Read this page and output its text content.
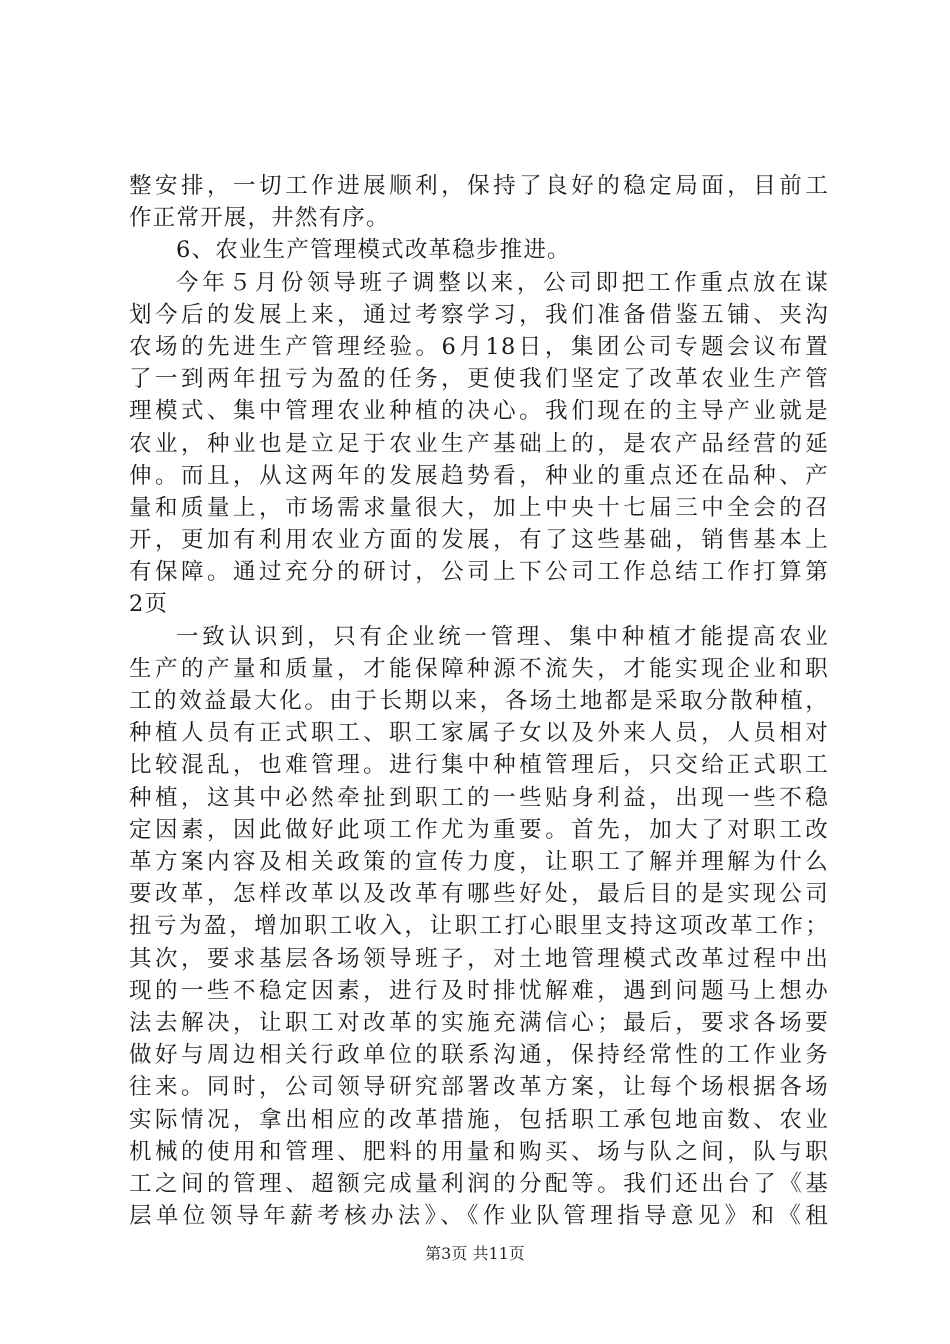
整安排，一切工作进展顺利，保持了良好的稳定局面，目前工
作正常开展，井然有序。
6、农业生产管理模式改革稳步推进。
今年５月份领导班子调整以来，公司即把工作重点放在谋
划今后的发展上来，通过考察学习，我们准备借鉴五铺、夹沟
农场的先进生产管理经验。6月18日，集团公司专题会议布置
了一到两年扭亏为盈的任务，更使我们坚定了改革农业生产管
理模式、集中管理农业种植的决心。我们现在的主导产业就是
农业，种业也是立足于农业生产基础上的，是农产品经营的延
伸。而且，从这两年的发展趋势看，种业的重点还在品种、产
量和质量上，市场需求量很大，加上中央十七届三中全会的召
开，更加有利用农业方面的发展，有了这些基础，销售基本上
有保障。通过充分的研讨，公司上下公司工作总结工作打算第
2页
一致认识到，只有企业统一管理、集中种植才能提高农业
生产的产量和质量，才能保障种源不流失，才能实现企业和职
工的效益最大化。由于长期以来，各场土地都是采取分散种植，
种植人员有正式职工、职工家属子女以及外来人员，人员相对
比较混乱，也难管理。进行集中种植管理后，只交给正式职工
种植，这其中必然牵扯到职工的一些贴身利益，出现一些不稳
定因素，因此做好此项工作尤为重要。首先，加大了对职工改
革方案内容及相关政策的宣传力度，让职工了解并理解为什么
要改革，怎样改革以及改革有哪些好处，最后目的是实现公司
扭亏为盈，增加职工收入，让职工打心眼里支持这项改革工作；
其次，要求基层各场领导班子，对土地管理模式改革过程中出
现的一些不稳定因素，进行及时排忧解难，遇到问题马上想办
法去解决，让职工对改革的实施充满信心；最后，要求各场要
做好与周边相关行政单位的联系沟通，保持经常性的工作业务
往来。同时，公司领导研究部署改革方案，让每个场根据各场
实际情况，拿出相应的改革措施，包括职工承包地亩数、农业
机械的使用和管理、肥料的用量和购买、场与队之间，队与职
工之间的管理、超额完成量利润的分配等。我们还出台了《基
层单位领导年薪考核办法》、《作业队管理指导意见》和《租
第3页 共11页
